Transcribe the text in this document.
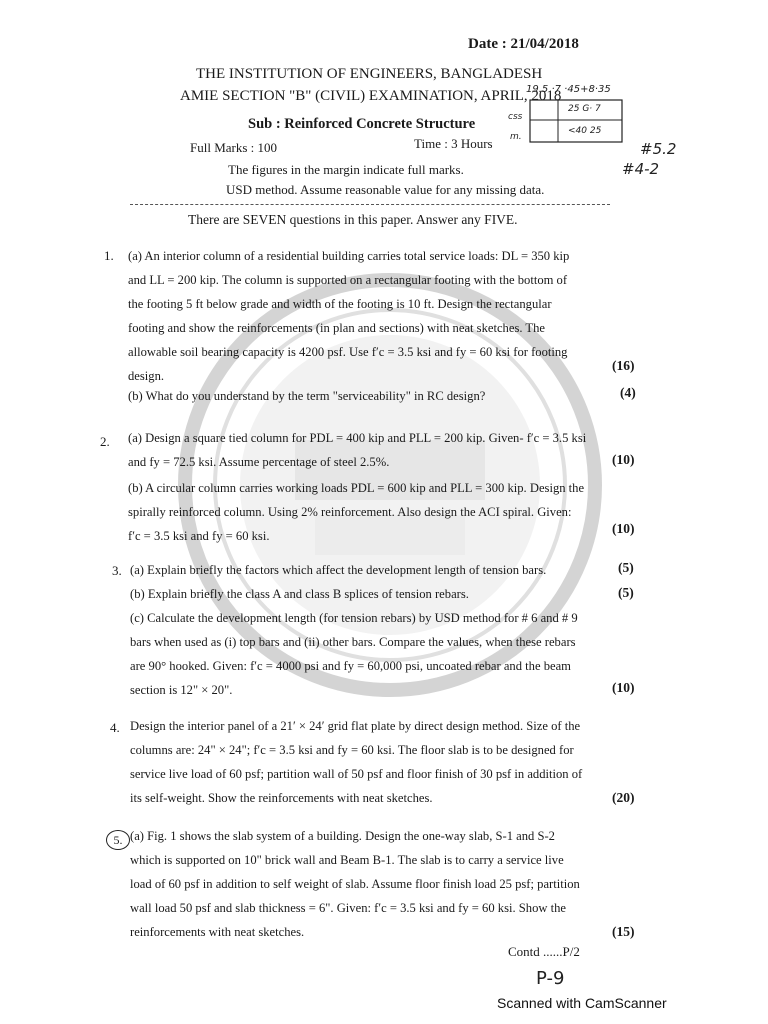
Date : 21/04/2018
THE INSTITUTION OF ENGINEERS, BANGLADESH
AMIE SECTION "B" (CIVIL) EXAMINATION, APRIL, 2018
Sub : Reinforced Concrete Structure
Full Marks : 100	Time : 3 Hours
The figures in the margin indicate full marks.
USD method. Assume reasonable value for any missing data.
There are SEVEN questions in this paper. Answer any FIVE.
19.5 ·7 ·45+8·35
25 G· 7
<40 25
css
m.
#5.2
#4-2
1. (a) An interior column of a residential building carries total service loads: DL = 350 kip

and LL = 200 kip. The column is supported on a rectangular footing with the bottom of

the footing 5 ft below grade and width of the footing is 10 ft. Design the rectangular

footing and show the reinforcements (in plan and sections) with neat sketches. The

allowable soil bearing capacity is 4200 psf. Use f′c = 3.5 ksi and fy = 60 ksi for footing

design.

(16)
(b) What do you understand by the term "serviceability" in RC design?	(4)
2. (a) Design a square tied column for PDL = 400 kip and PLL = 200 kip. Given- f′c = 3.5 ksi

and fy = 72.5 ksi. Assume percentage of steel 2.5%.	(10)

(b) A circular column carries working loads PDL = 600 kip and PLL = 300 kip. Design the

spirally reinforced column. Using 2% reinforcement. Also design the ACI spiral. Given:

f′c = 3.5 ksi and fy = 60 ksi.	(10)
3. (a) Explain briefly the factors which affect the development length of tension bars.	(5)
(b) Explain briefly the class A and class B splices of tension rebars.	(5)

(c) Calculate the development length (for tension rebars) by USD method for # 6 and # 9

bars when used as (i) top bars and (ii) other bars. Compare the values, when these rebars

are 90° hooked. Given: f′c = 4000 psi and fy = 60,000 psi, uncoated rebar and the beam

section is 12" × 20".	(10)
4. Design the interior panel of a 21′ × 24′ grid flat plate by direct design method. Size of the

columns are: 24" × 24"; f′c = 3.5 ksi and fy = 60 ksi. The floor slab is to be designed for

service live load of 60 psf; partition wall of 50 psf and floor finish of 30 psf in addition of

its self-weight. Show the reinforcements with neat sketches.	(20)
5. (a) Fig. 1 shows the slab system of a building. Design the one-way slab, S-1 and S-2

which is supported on 10" brick wall and Beam B-1. The slab is to carry a service live

load of 60 psf in addition to self weight of slab. Assume floor finish load 25 psf; partition

wall load 50 psf and slab thickness = 6". Given: f′c = 3.5 ksi and fy = 60 ksi. Show the

reinforcements with neat sketches.	(15)
Contd ......P/2
P-9
Scanned with CamScanner
